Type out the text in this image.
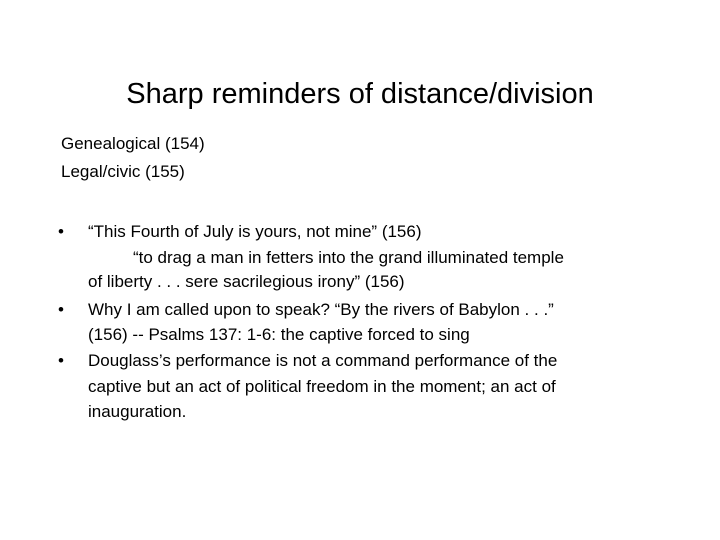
Sharp reminders of distance/division
Genealogical (154)
Legal/civic (155)
• “This Fourth of July is yours, not mine” (156)
“to drag a man in fetters into the grand illuminated temple
of liberty . . . sere sacrilegious irony” (156)
• Why I am called upon to speak? “By the rivers of Babylon . . .”
(156) -- Psalms 137: 1-6: the captive forced to sing
• Douglass’s performance is not a command performance of the
captive but an act of political freedom in the moment; an act of
inauguration.
